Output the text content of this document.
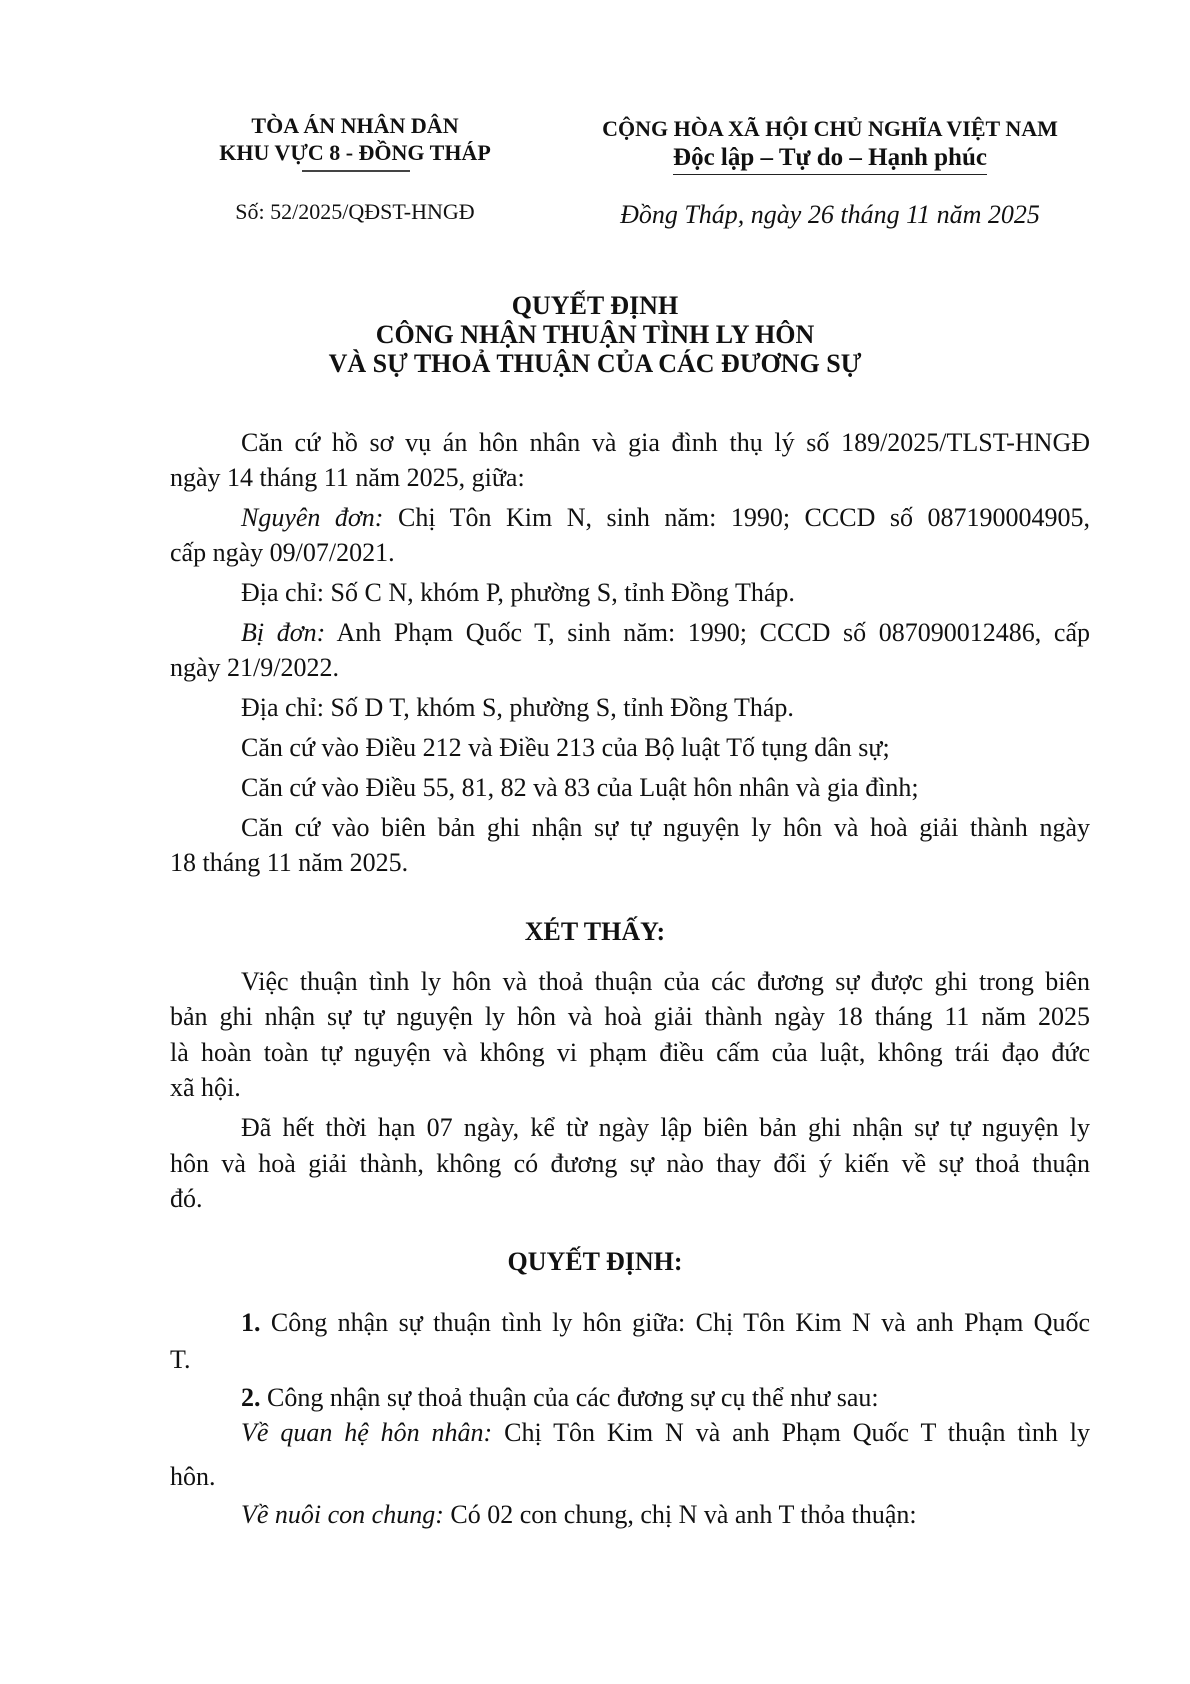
TÒA ÁN NHÂN DÂN
KHU VỰC 8 - ĐỒNG THÁP
Số: 52/2025/QĐST-HNGĐ
CỘNG HÒA XÃ HỘI CHỦ NGHĨA VIỆT NAM
Độc lập – Tự do – Hạnh phúc
Đồng Tháp, ngày 26 tháng 11 năm 2025
QUYẾT ĐỊNH
CÔNG NHẬN THUẬN TÌNH LY HÔN
VÀ SỰ THOẢ THUẬN CỦA CÁC ĐƯƠNG SỰ
Căn cứ hồ sơ vụ án hôn nhân và gia đình thụ lý số 189/2025/TLST-HNGĐ
ngày 14 tháng 11 năm 2025, giữa:
Nguyên đơn: Chị Tôn Kim N, sinh năm: 1990; CCCD số 087190004905,
cấp ngày 09/07/2021.
Địa chỉ: Số C N, khóm P, phường S, tỉnh Đồng Tháp.
Bị đơn: Anh Phạm Quốc T, sinh năm: 1990; CCCD số 087090012486, cấp
ngày 21/9/2022.
Địa chỉ: Số D T, khóm S, phường S, tỉnh Đồng Tháp.
Căn cứ vào Điều 212 và Điều 213 của Bộ luật Tố tụng dân sự;
Căn cứ vào Điều 55, 81, 82 và 83 của Luật hôn nhân và gia đình;
Căn cứ vào biên bản ghi nhận sự tự nguyện ly hôn và hoà giải thành ngày
18 tháng 11 năm 2025.
XÉT THẤY:
Việc thuận tình ly hôn và thoả thuận của các đương sự được ghi trong biên
bản ghi nhận sự tự nguyện ly hôn và hoà giải thành ngày 18 tháng 11 năm 2025
là hoàn toàn tự nguyện và không vi phạm điều cấm của luật, không trái đạo đức
xã hội.
Đã hết thời hạn 07 ngày, kể từ ngày lập biên bản ghi nhận sự tự nguyện ly
hôn và hoà giải thành, không có đương sự nào thay đổi ý kiến về sự thoả thuận
đó.
QUYẾT ĐỊNH:
1. Công nhận sự thuận tình ly hôn giữa: Chị Tôn Kim N và anh Phạm Quốc
T.
2. Công nhận sự thoả thuận của các đương sự cụ thể như sau:
Về quan hệ hôn nhân: Chị Tôn Kim N và anh Phạm Quốc T thuận tình ly
hôn.
Về nuôi con chung: Có 02 con chung, chị N và anh T thỏa thuận:
